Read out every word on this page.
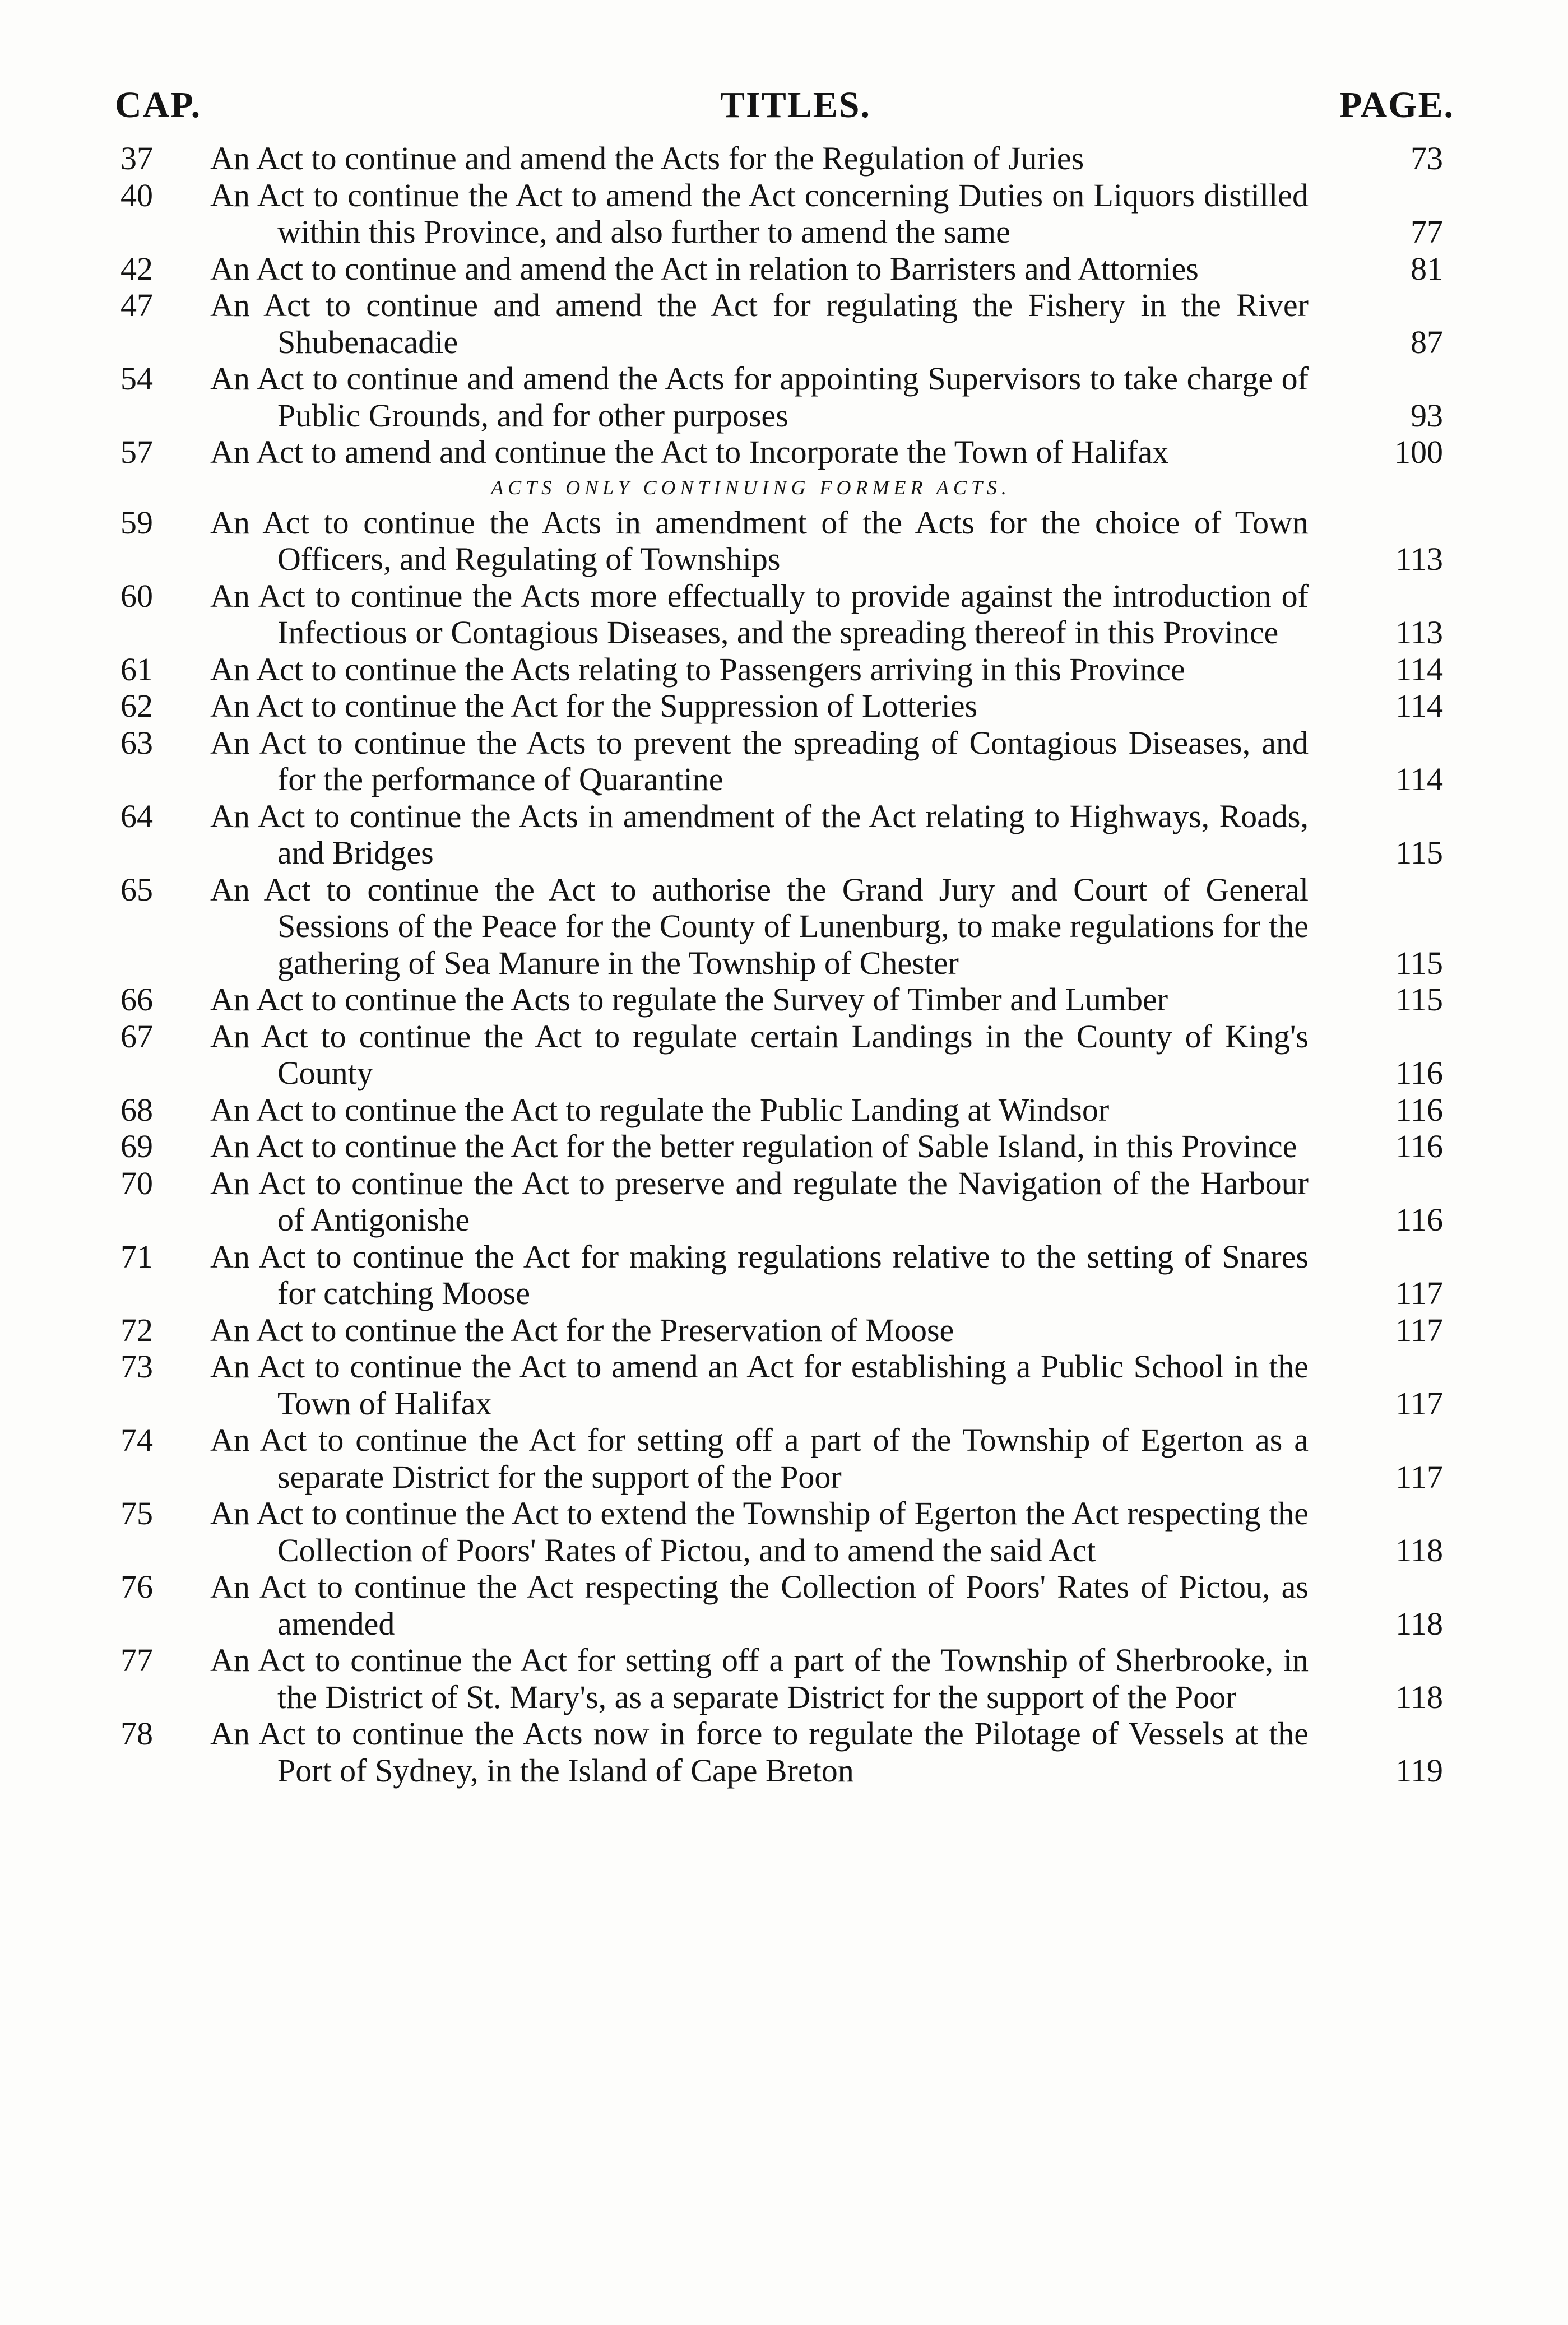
CAP.	TITLES.	PAGE.
37	An Act to continue and amend the Acts for the Regulation of Juries	73
40	An Act to continue the Act to amend the Act concerning Duties on Liquors distilled within this Province, and also further to amend the same	77
42	An Act to continue and amend the Act in relation to Barristers and Attornies	81
47	An Act to continue and amend the Act for regulating the Fishery in the River Shubenacadie	87
54	An Act to continue and amend the Acts for appointing Supervisors to take charge of Public Grounds, and for other purposes	93
57	An Act to amend and continue the Act to Incorporate the Town of Halifax	100
ACTS ONLY CONTINUING FORMER ACTS.
59	An Act to continue the Acts in amendment of the Acts for the choice of Town Officers, and Regulating of Townships	113
60	An Act to continue the Acts more effectually to provide against the introduction of Infectious or Contagious Diseases, and the spreading thereof in this Province	113
61	An Act to continue the Acts relating to Passengers arriving in this Province	114
62	An Act to continue the Act for the Suppression of Lotteries	114
63	An Act to continue the Acts to prevent the spreading of Contagious Diseases, and for the performance of Quarantine	114
64	An Act to continue the Acts in amendment of the Act relating to Highways, Roads, and Bridges	115
65	An Act to continue the Act to authorise the Grand Jury and Court of General Sessions of the Peace for the County of Lunenburg, to make regulations for the gathering of Sea Manure in the Township of Chester	115
66	An Act to continue the Acts to regulate the Survey of Timber and Lumber	115
67	An Act to continue the Act to regulate certain Landings in the County of King's County	116
68	An Act to continue the Act to regulate the Public Landing at Windsor	116
69	An Act to continue the Act for the better regulation of Sable Island, in this Province	116
70	An Act to continue the Act to preserve and regulate the Navigation of the Harbour of Antigonishe	116
71	An Act to continue the Act for making regulations relative to the setting of Snares for catching Moose	117
72	An Act to continue the Act for the Preservation of Moose	117
73	An Act to continue the Act to amend an Act for establishing a Public School in the Town of Halifax	117
74	An Act to continue the Act for setting off a part of the Township of Egerton as a separate District for the support of the Poor	117
75	An Act to continue the Act to extend the Township of Egerton the Act respecting the Collection of Poors' Rates of Pictou, and to amend the said Act	118
76	An Act to continue the Act respecting the Collection of Poors' Rates of Pictou, as amended	118
77	An Act to continue the Act for setting off a part of the Township of Sherbrooke, in the District of St. Mary's, as a separate District for the support of the Poor	118
78	An Act to continue the Acts now in force to regulate the Pilotage of Vessels at the Port of Sydney, in the Island of Cape Breton	119
